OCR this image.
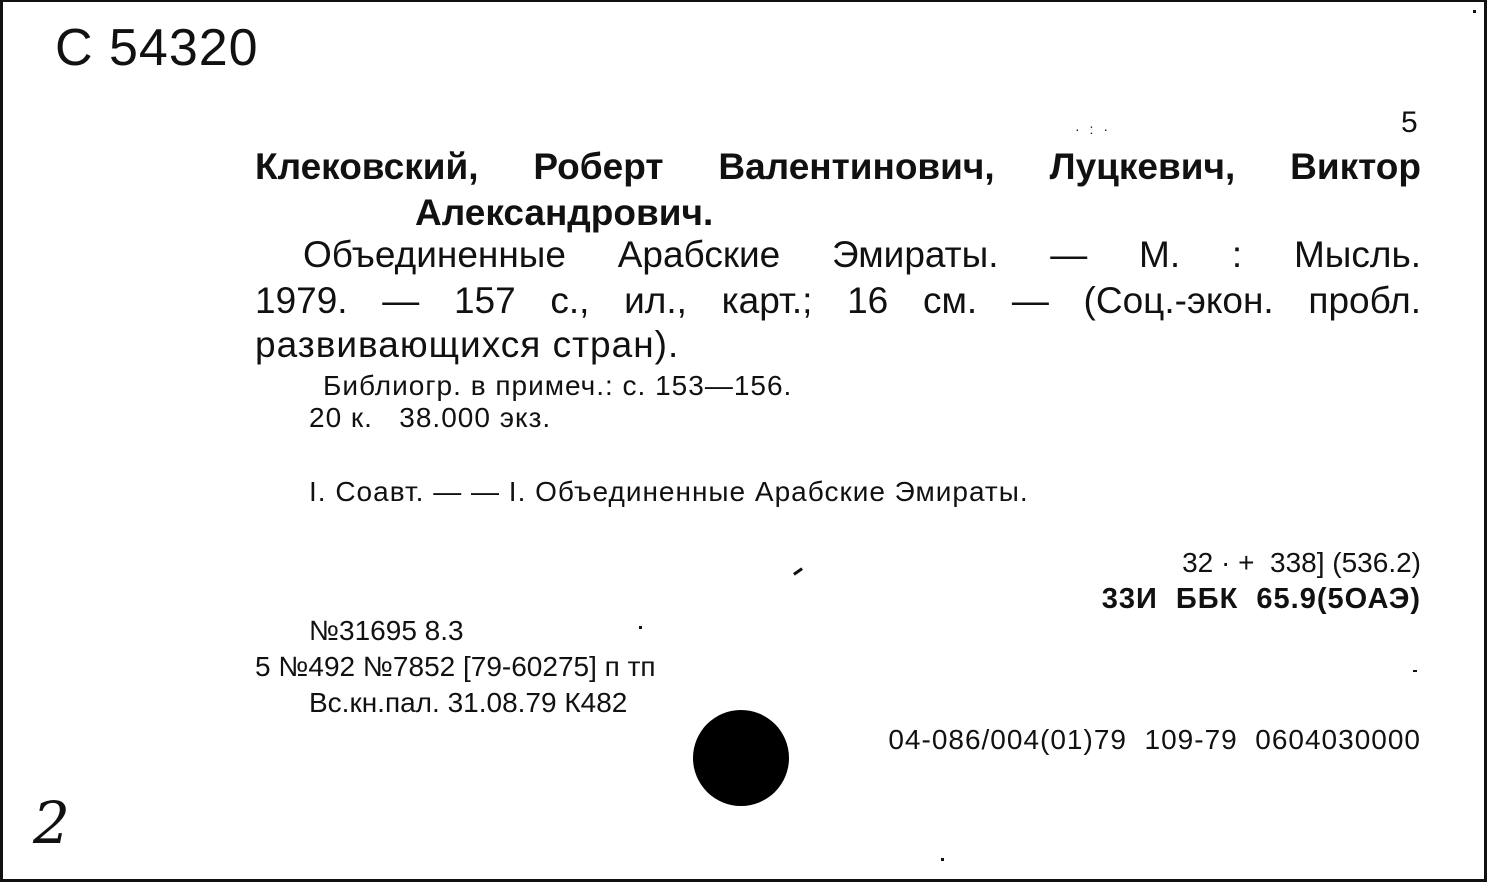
С 54320
· : ·	5
Клековский, Роберт Валентинович, Луцкевич, Виктор
Александрович.
Объединенные Арабские Эмираты. — М. : Мысль.
1979. — 157 с., ил., карт.; 16 см. — (Соц.-экон. пробл.
развивающихся стран).
Библиогр. в примеч.: с. 153—156.
20 к.   38.000 экз.
I. Соавт. — — I. Объединенные Арабские Эмираты.
32 · +  338] (536.2)
33И  ББК  65.9(5ОАЭ)
№31695 8.3
5 №492 №7852 [79-60275] п тп
Вс.кн.пал. 31.08.79 К482
04-086/004(01)79  109-79  0604030000
2
